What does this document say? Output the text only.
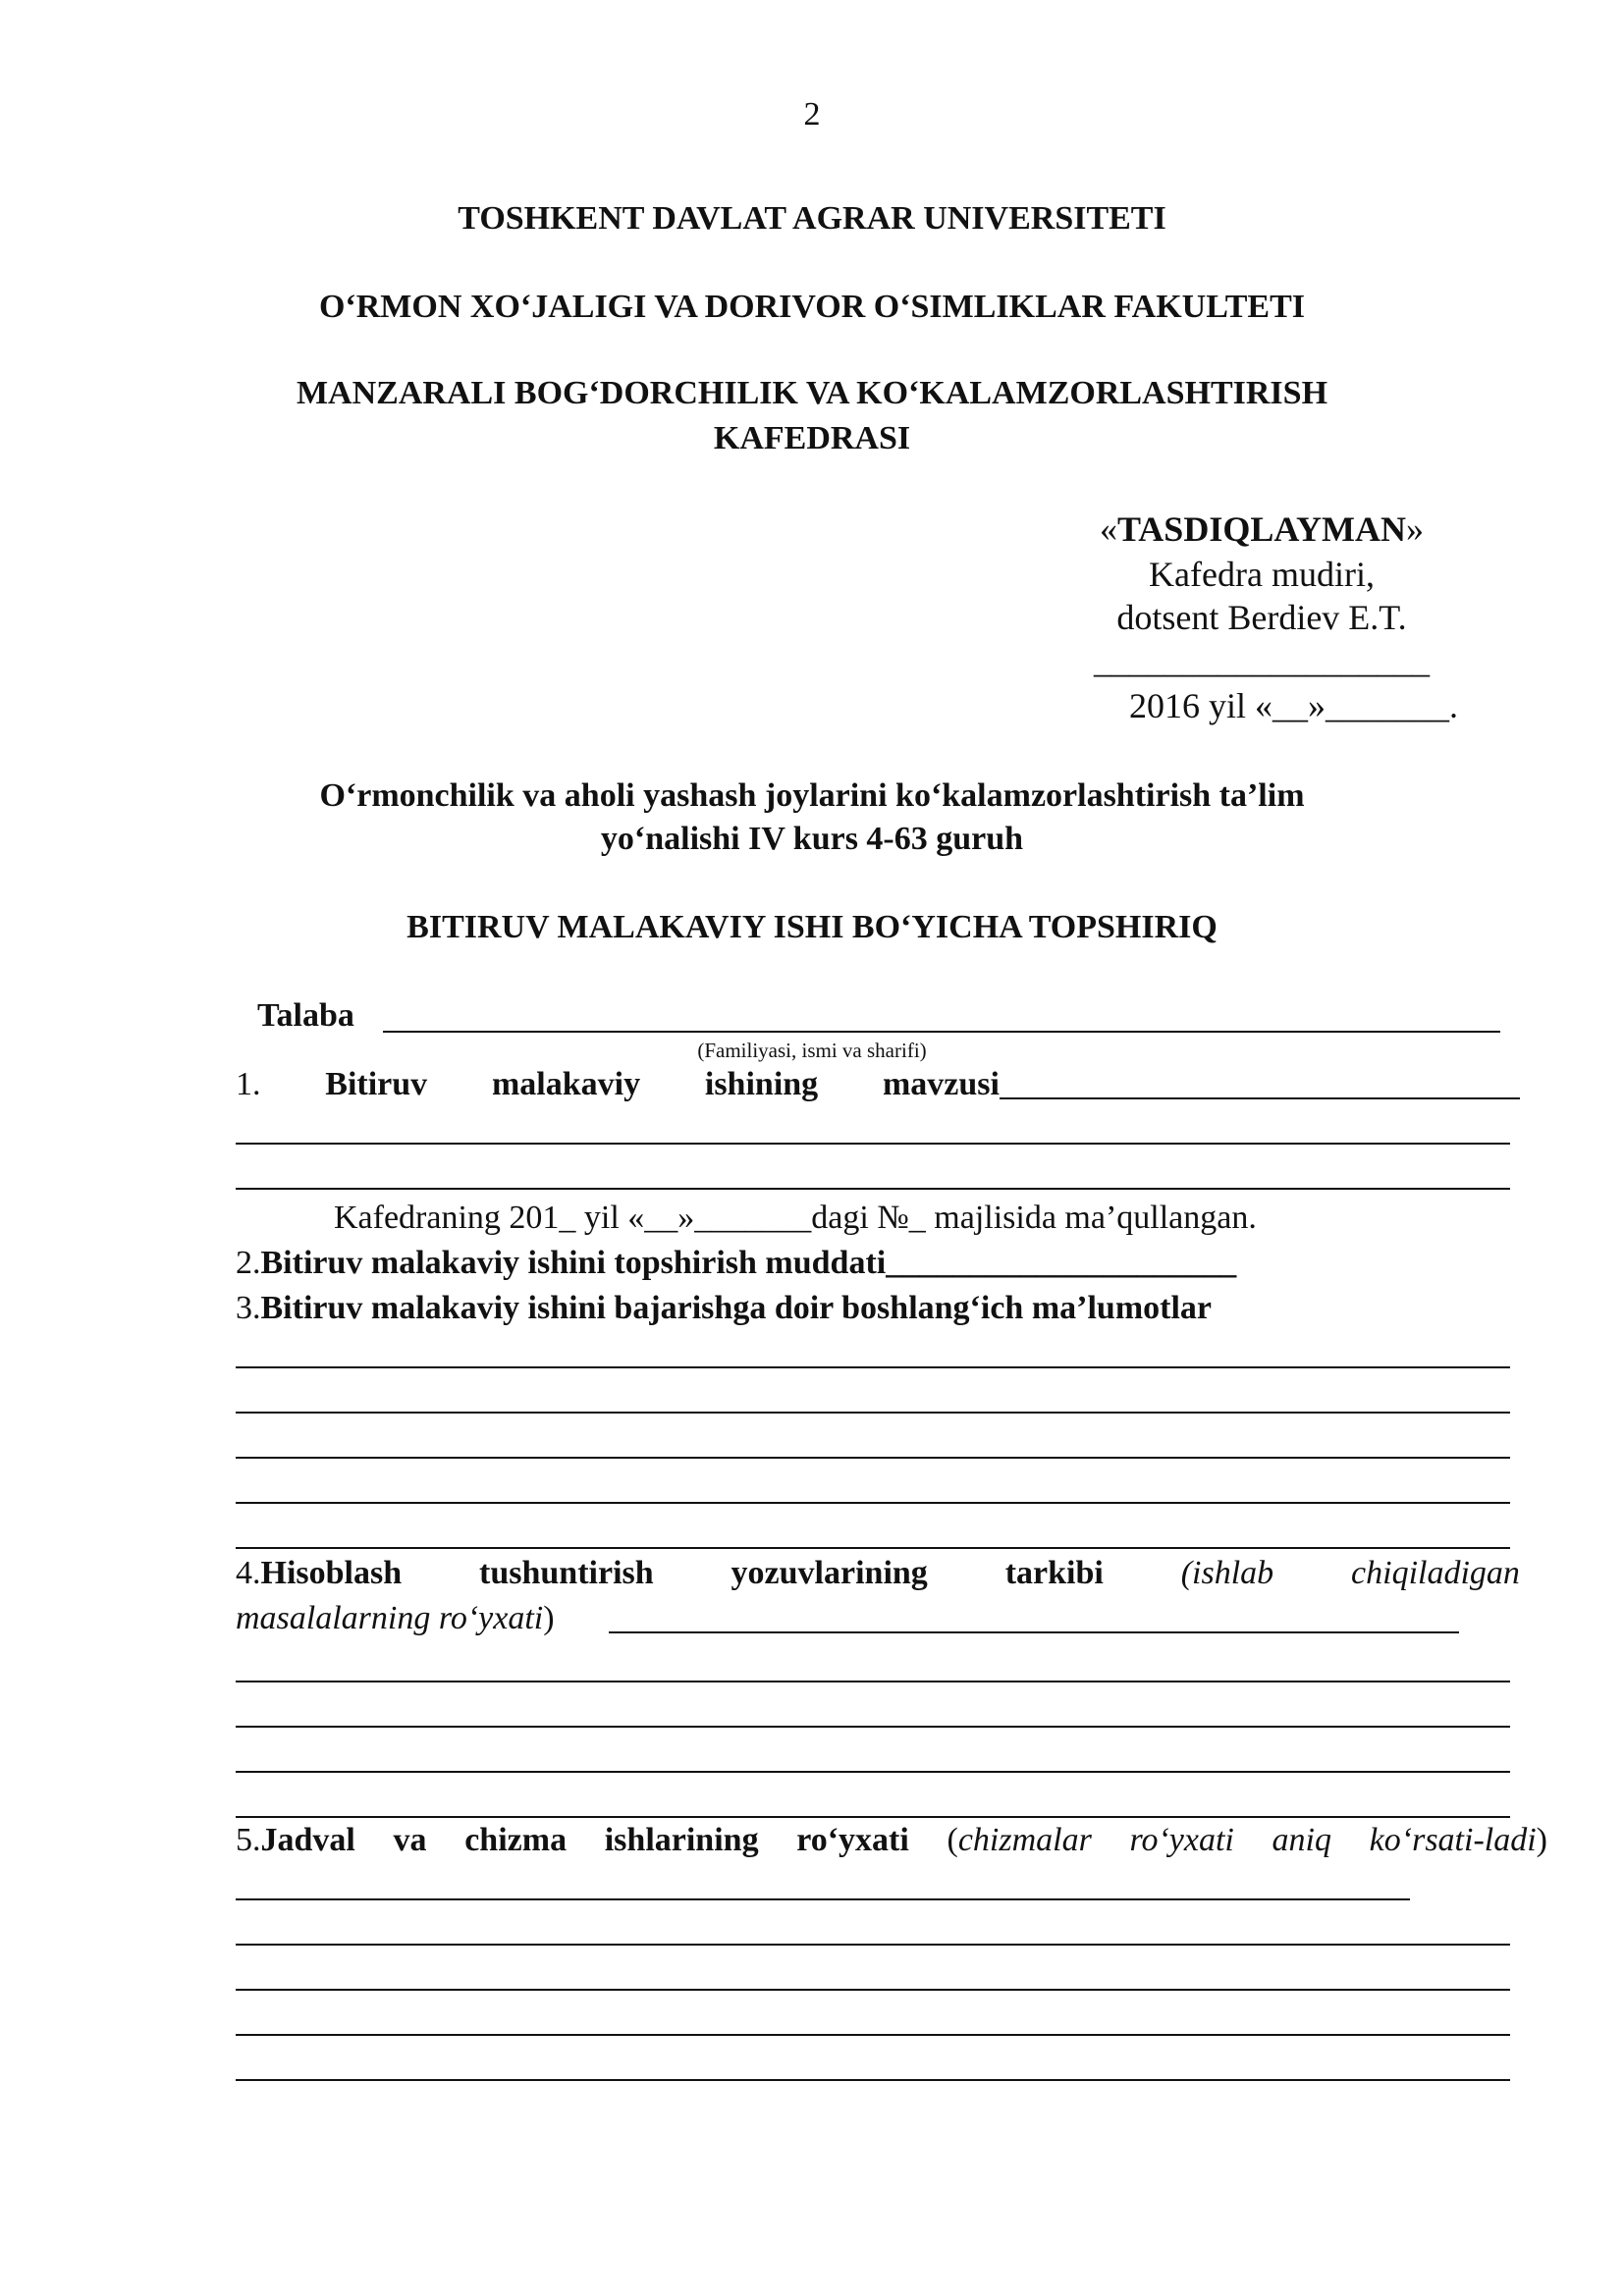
2
TOSHKENT DAVLAT AGRAR UNIVERSITETI
O‘RMON XO‘JALIGI VA DORIVOR O‘SIMLIKLAR FAKULTETI
MANZARALI BOG‘DORCHILIK VA KO‘KALAMZORLASHTIRISH
KAFEDRASI
«TASDIQLAYMAN»
Kafedra mudiri,
dotsent Berdiev E.T.
___________________
2016 yil «__»_______.
O‘rmonchilik va aholi yashash joylarini ko‘kalamzorlashtirish ta’lim
yo‘nalishi IV kurs 4-63 guruh
BITIRUV MALAKAVIY ISHI BO‘YICHA TOPSHIRIQ
Talaba
(Familiyasi, ismi va sharifi)
1. Bitiruv malakaviy ishining mavzusi
Kafedraning 201_ yil «__»_______dagi №_ majlisida ma’qullangan.
2.Bitiruv malakaviy ishini topshirish muddati_____________________
3.Bitiruv malakaviy ishini bajarishga doir boshlang‘ich ma’lumotlar
4.Hisoblash tushuntirish yozuvlarining tarkibi (ishlab chiqiladigan
masalalarning ro‘yxati)
5.Jadval va chizma ishlarining ro‘yxati (chizmalar ro‘yxati aniq ko‘rsati-ladi)
